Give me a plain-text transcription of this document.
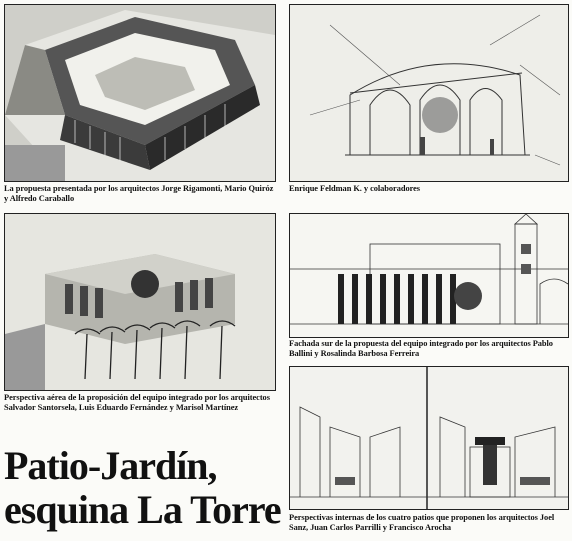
La propuesta presentada por los arquitectos Jorge Rigamonti, Mario Quiróz y Alfredo Caraballo

Enrique Feldman K. y colaboradores

Perspectiva aérea de la proposición del equipo integrado por los arquitectos Salvador Santorsela, Luis Eduardo Fernández y Marisol Martínez

Fachada sur de la propuesta del equipo integrado por los arquitectos Pablo Ballini y Rosalinda Barbosa Ferreira

Perspectivas internas de los cuatro patios que proponen los arquitectos Joel Sanz, Juan Carlos Parrilli y Francisco Arocha

Patio-Jardín,
esquina La Torre
